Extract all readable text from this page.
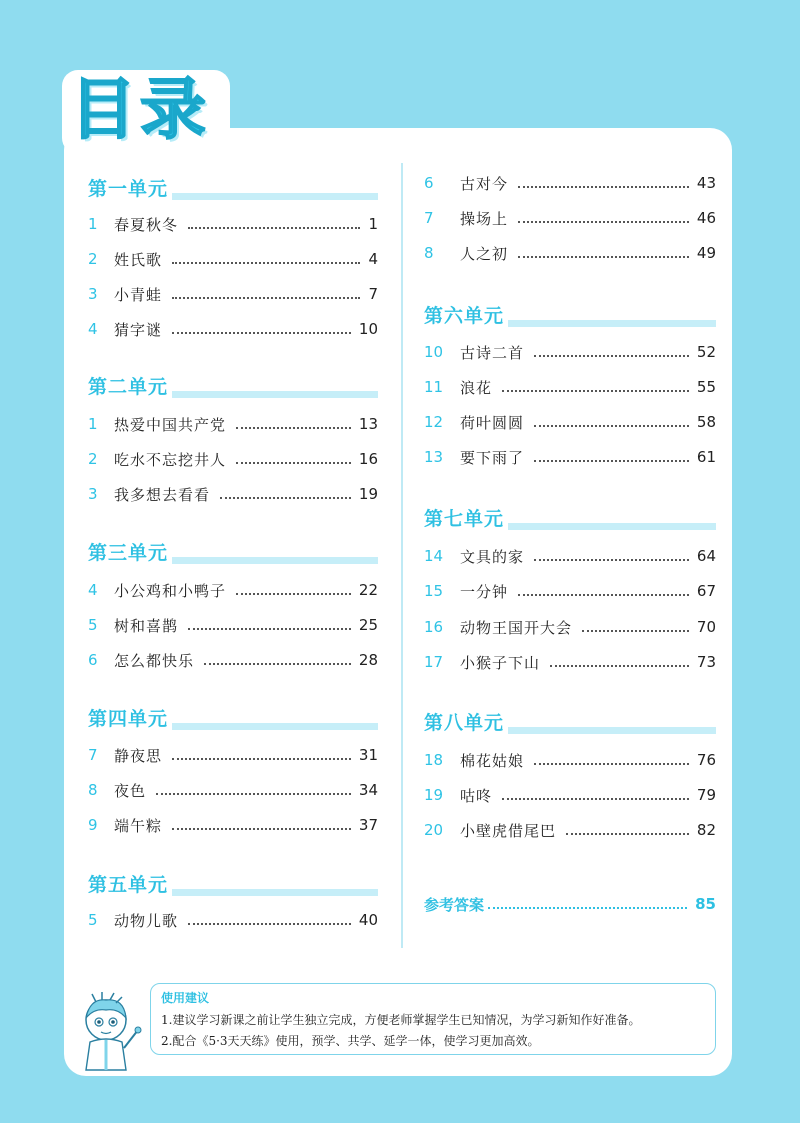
目录
第一单元
1	春夏秋冬	1
2	姓氏歌	4
3	小青蛙	7
4	猜字谜	10
第二单元
1	热爱中国共产党	13
2	吃水不忘挖井人	16
3	我多想去看看	19
第三单元
4	小公鸡和小鸭子	22
5	树和喜鹊	25
6	怎么都快乐	28
第四单元
7	静夜思	31
8	夜色	34
9	端午粽	37
第五单元
5	动物儿歌	40
6	古对今	43
7	操场上	46
8	人之初	49
第六单元
10	古诗二首	52
11	浪花	55
12	荷叶圆圆	58
13	要下雨了	61
第七单元
14	文具的家	64
15	一分钟	67
16	动物王国开大会	70
17	小猴子下山	73
第八单元
18	棉花姑娘	76
19	咕咚	79
20	小壁虎借尾巴	82
参考答案	85
使用建议
1.建议学习新课之前让学生独立完成，方便老师掌握学生已知情况，为学习新知作好准备。
2.配合《5·3天天练》使用，预学、共学、延学一体，使学习更加高效。
